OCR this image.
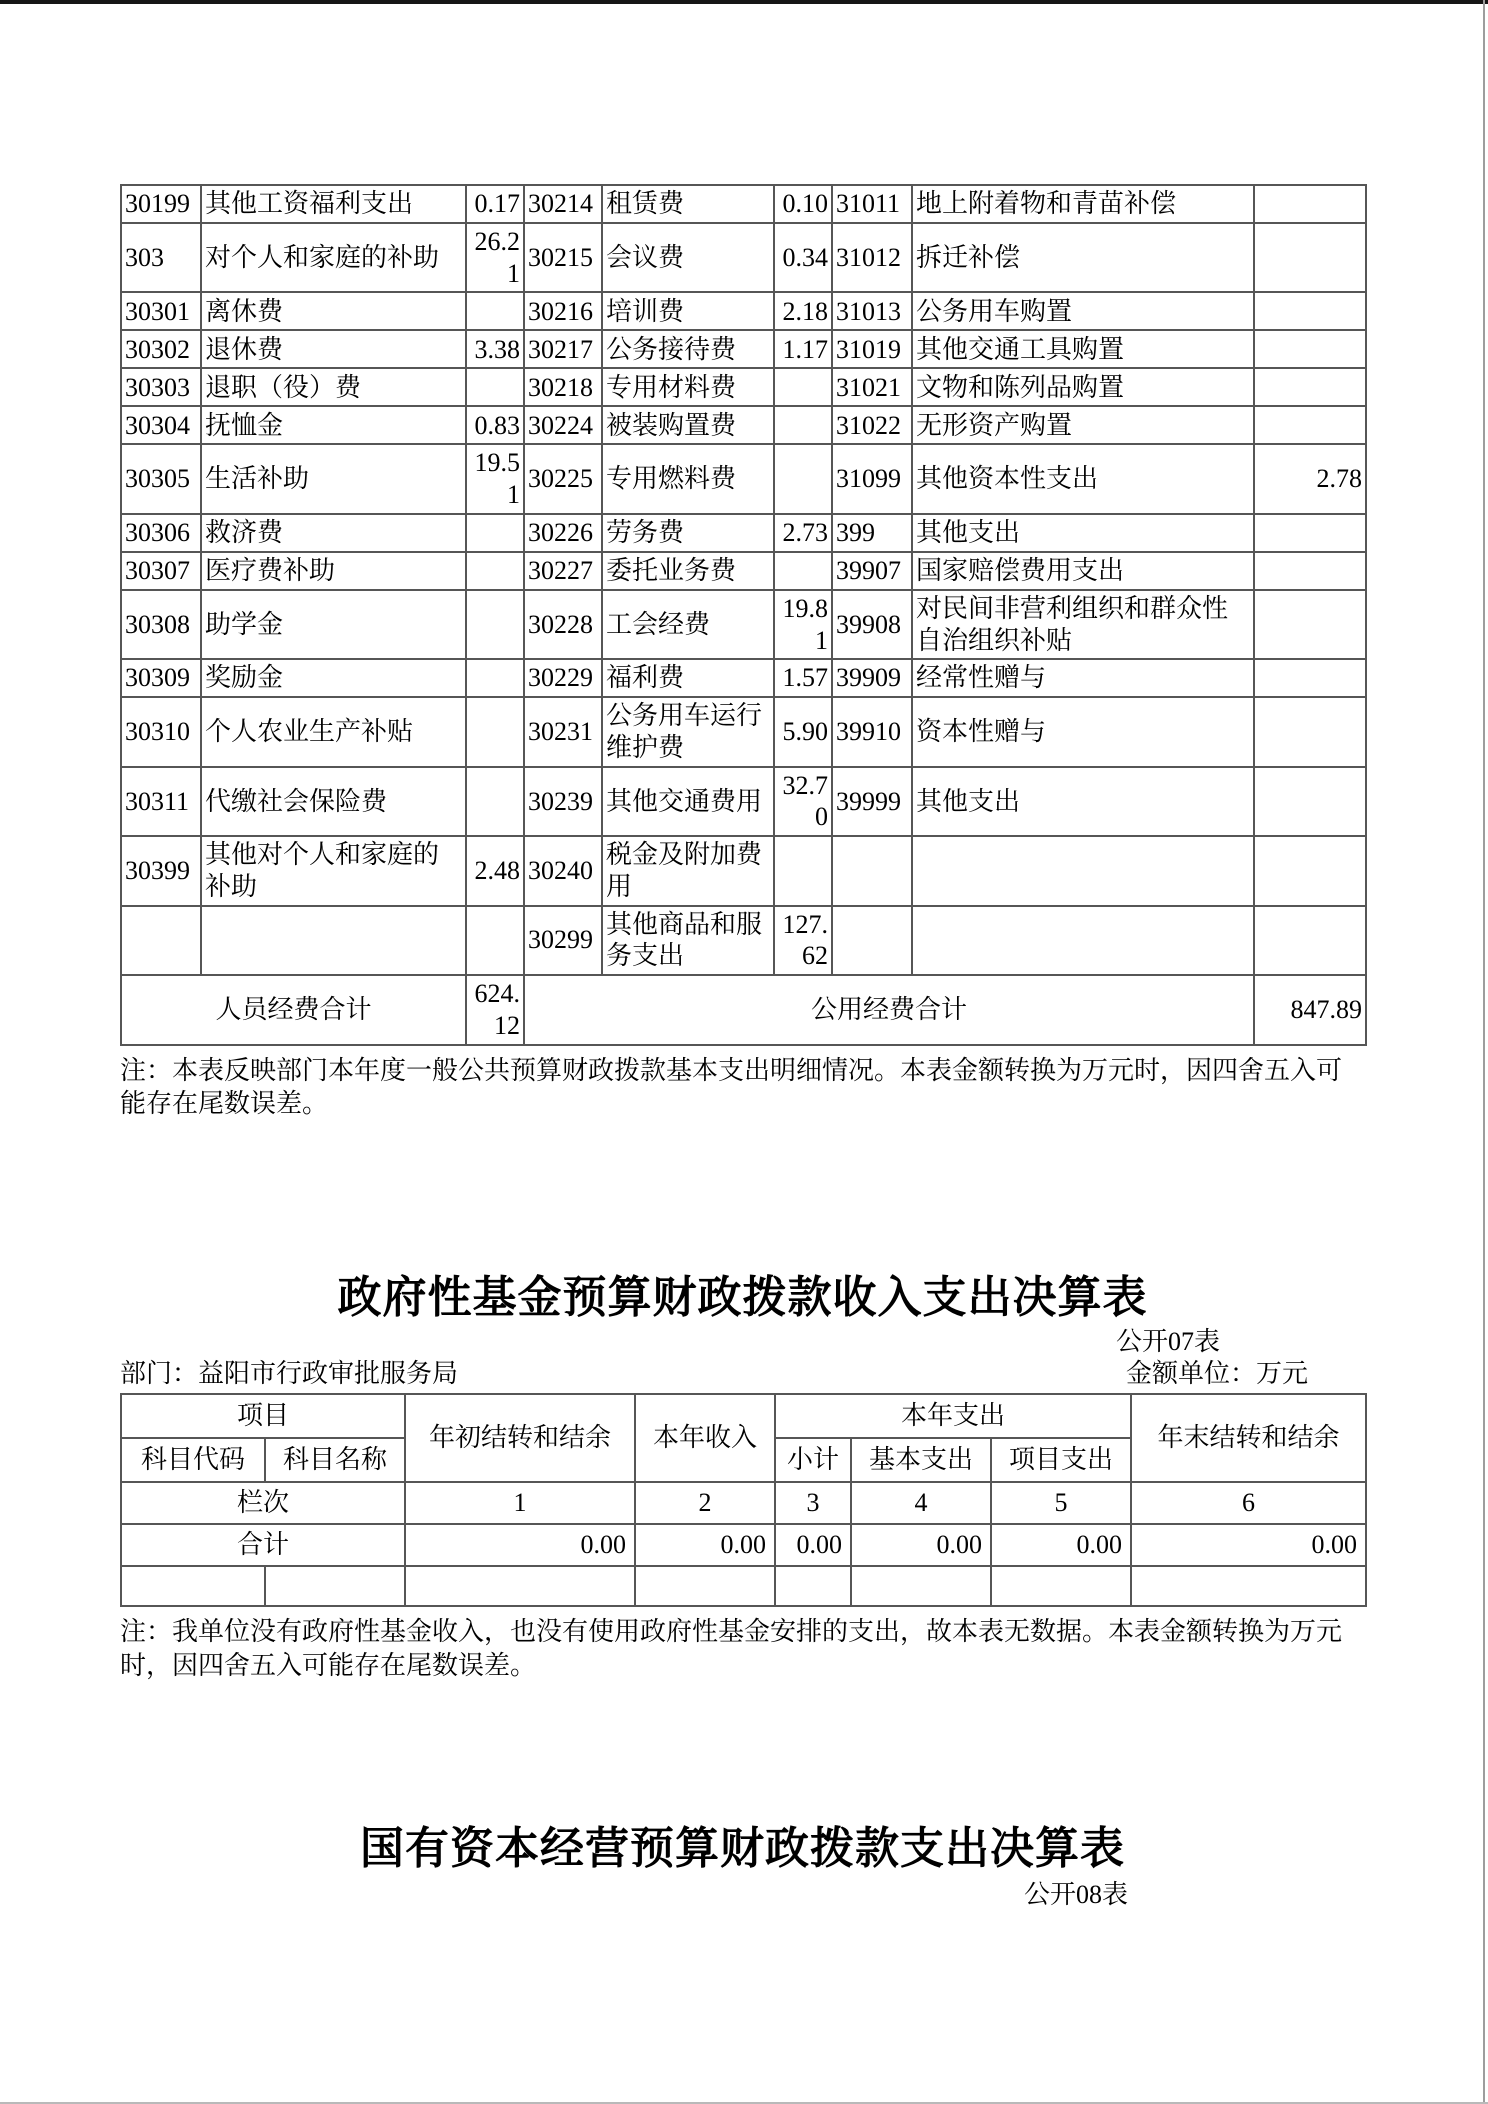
30199	其他工资福利支出	0.17	30214	租赁费	0.10	31011	地上附着物和青苗补偿	
303	对个人和家庭的补助	26.21	30215	会议费	0.34	31012	拆迁补偿	
30301	离休费		30216	培训费	2.18	31013	公务用车购置	
30302	退休费	3.38	30217	公务接待费	1.17	31019	其他交通工具购置	
30303	退职（役）费		30218	专用材料费		31021	文物和陈列品购置	
30304	抚恤金	0.83	30224	被装购置费		31022	无形资产购置	
30305	生活补助	19.51	30225	专用燃料费		31099	其他资本性支出	2.78
30306	救济费		30226	劳务费	2.73	399	其他支出	
30307	医疗费补助		30227	委托业务费		39907	国家赔偿费用支出	
30308	助学金		30228	工会经费	19.81	39908	对民间非营利组织和群众性自治组织补贴	
30309	奖励金		30229	福利费	1.57	39909	经常性赠与	
30310	个人农业生产补贴		30231	公务用车运行维护费	5.90	39910	资本性赠与	
30311	代缴社会保险费		30239	其他交通费用	32.70	39999	其他支出	
30399	其他对个人和家庭的补助	2.48	30240	税金及附加费用				
			30299	其他商品和服务支出	127.62			
人员经费合计		624.12	公用经费合计					847.89

注：本表反映部门本年度一般公共预算财政拨款基本支出明细情况。本表金额转换为万元时，因四舍五入可能存在尾数误差。

政府性基金预算财政拨款收入支出决算表
公开07表
部门：益阳市行政审批服务局	金额单位：万元
项目		年初结转和结余	本年收入	本年支出			年末结转和结余
科目代码	科目名称			小计	基本支出	项目支出	
栏次		1	2	3	4	5	6
合计		0.00	0.00	0.00	0.00	0.00	0.00

注：我单位没有政府性基金收入，也没有使用政府性基金安排的支出，故本表无数据。本表金额转换为万元时，因四舍五入可能存在尾数误差。

国有资本经营预算财政拨款支出决算表
公开08表
